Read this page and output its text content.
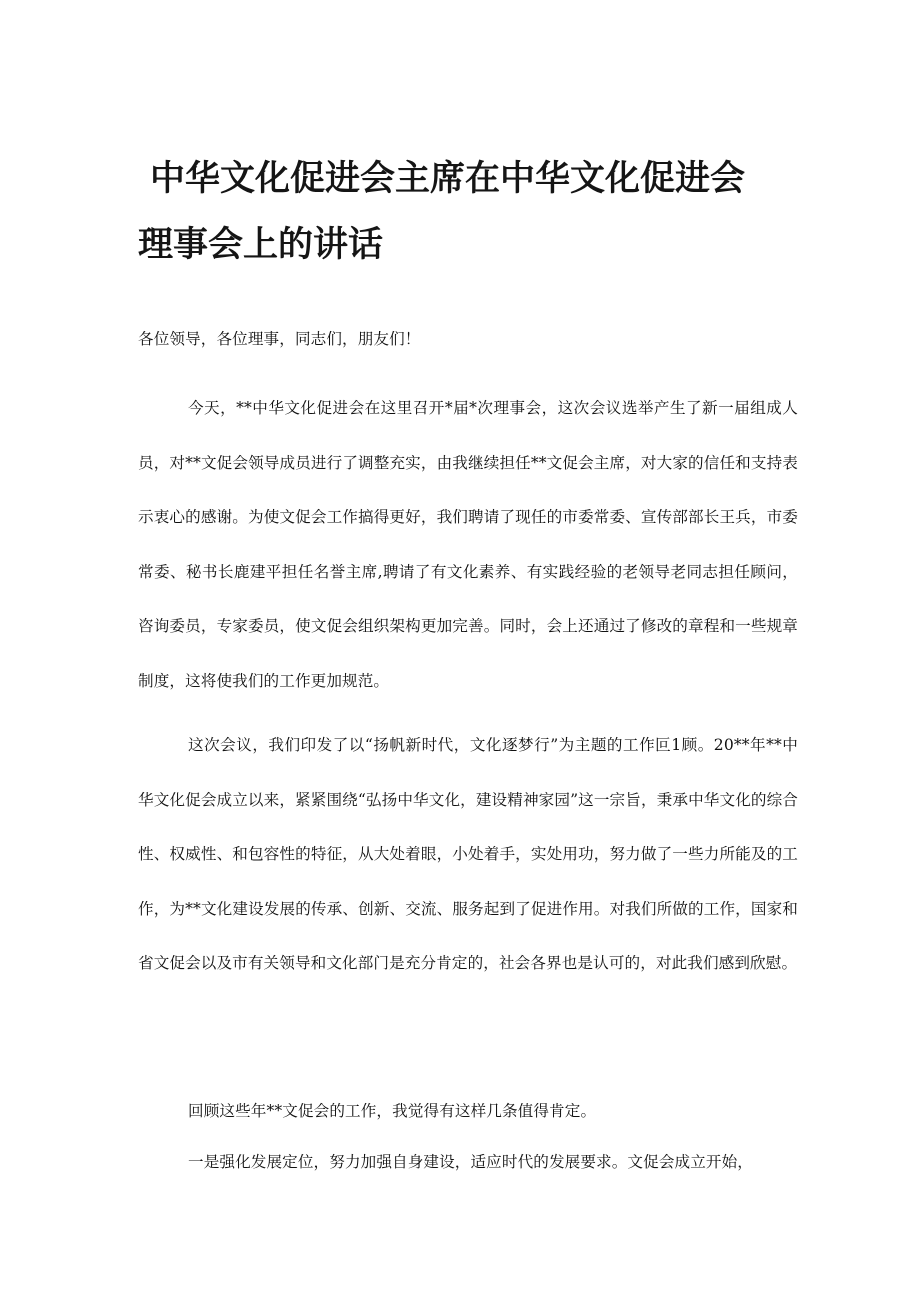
中华文化促进会主席在中华文化促进会
理事会上的讲话

各位领导，各位理事，同志们，朋友们！

今天，**中华文化促进会在这里召开*届*次理事会，这次会议选举产生了新一届组成人员，对**文促会领导成员进行了调整充实，由我继续担任**文促会主席，对大家的信任和支持表示衷心的感谢。为使文促会工作搞得更好，我们聘请了现任的市委常委、宣传部部长王兵，市委常委、秘书长鹿建平担任名誉主席,聘请了有文化素养、有实践经验的老领导老同志担任顾问，咨询委员，专家委员，使文促会组织架构更加完善。同时，会上还通过了修改的章程和一些规章制度，这将使我们的工作更加规范。

这次会议，我们印发了以“扬帆新时代，文化逐梦行”为主题的工作叵1顾。20**年**中华文化促会成立以来，紧紧围绕“弘扬中华文化，建设精神家园”这一宗旨，秉承中华文化的综合性、权威性、和包容性的特征，从大处着眼，小处着手，实处用功，努力做了一些力所能及的工作，为**文化建设发展的传承、创新、交流、服务起到了促进作用。对我们所做的工作，国家和省文促会以及市有关领导和文化部门是充分肯定的，社会各界也是认可的，对此我们感到欣慰。

回顾这些年**文促会的工作，我觉得有这样几条值得肯定。

一是强化发展定位，努力加强自身建设，适应时代的发展要求。文促会成立开始，
